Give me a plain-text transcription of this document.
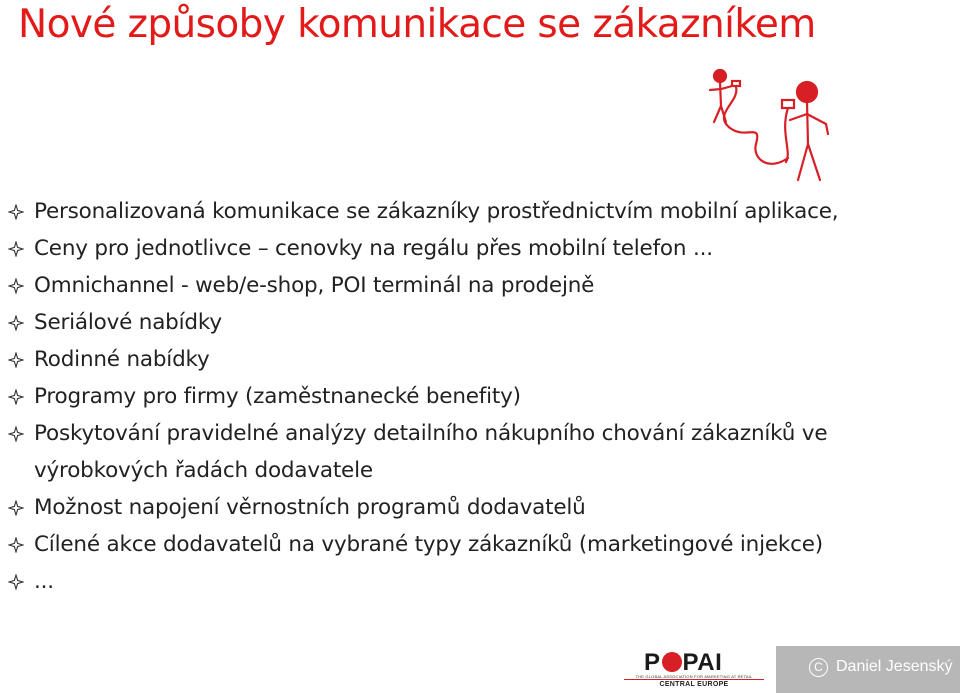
Nové způsoby komunikace se zákazníkem
Personalizovaná komunikace se zákazníky prostřednictvím mobilní aplikace,
Ceny pro jednotlivce – cenovky na regálu přes mobilní telefon ...
Omnichannel - web/e-shop, POI terminál na prodejně
Seriálové nabídky
Rodinné nabídky
Programy pro firmy (zaměstnanecké benefity)
Poskytování pravidelné analýzy detailního nákupního chování zákazníků ve výrobkových řadách dodavatele
Možnost napojení věrnostních programů dodavatelů
Cílené akce dodavatelů na vybrané typy zákazníků (marketingové injekce)
...
P PAI
THE GLOBAL ASSOCIATION FOR MARKETING AT RETAIL
CENTRAL EUROPE
C Daniel Jesenský
